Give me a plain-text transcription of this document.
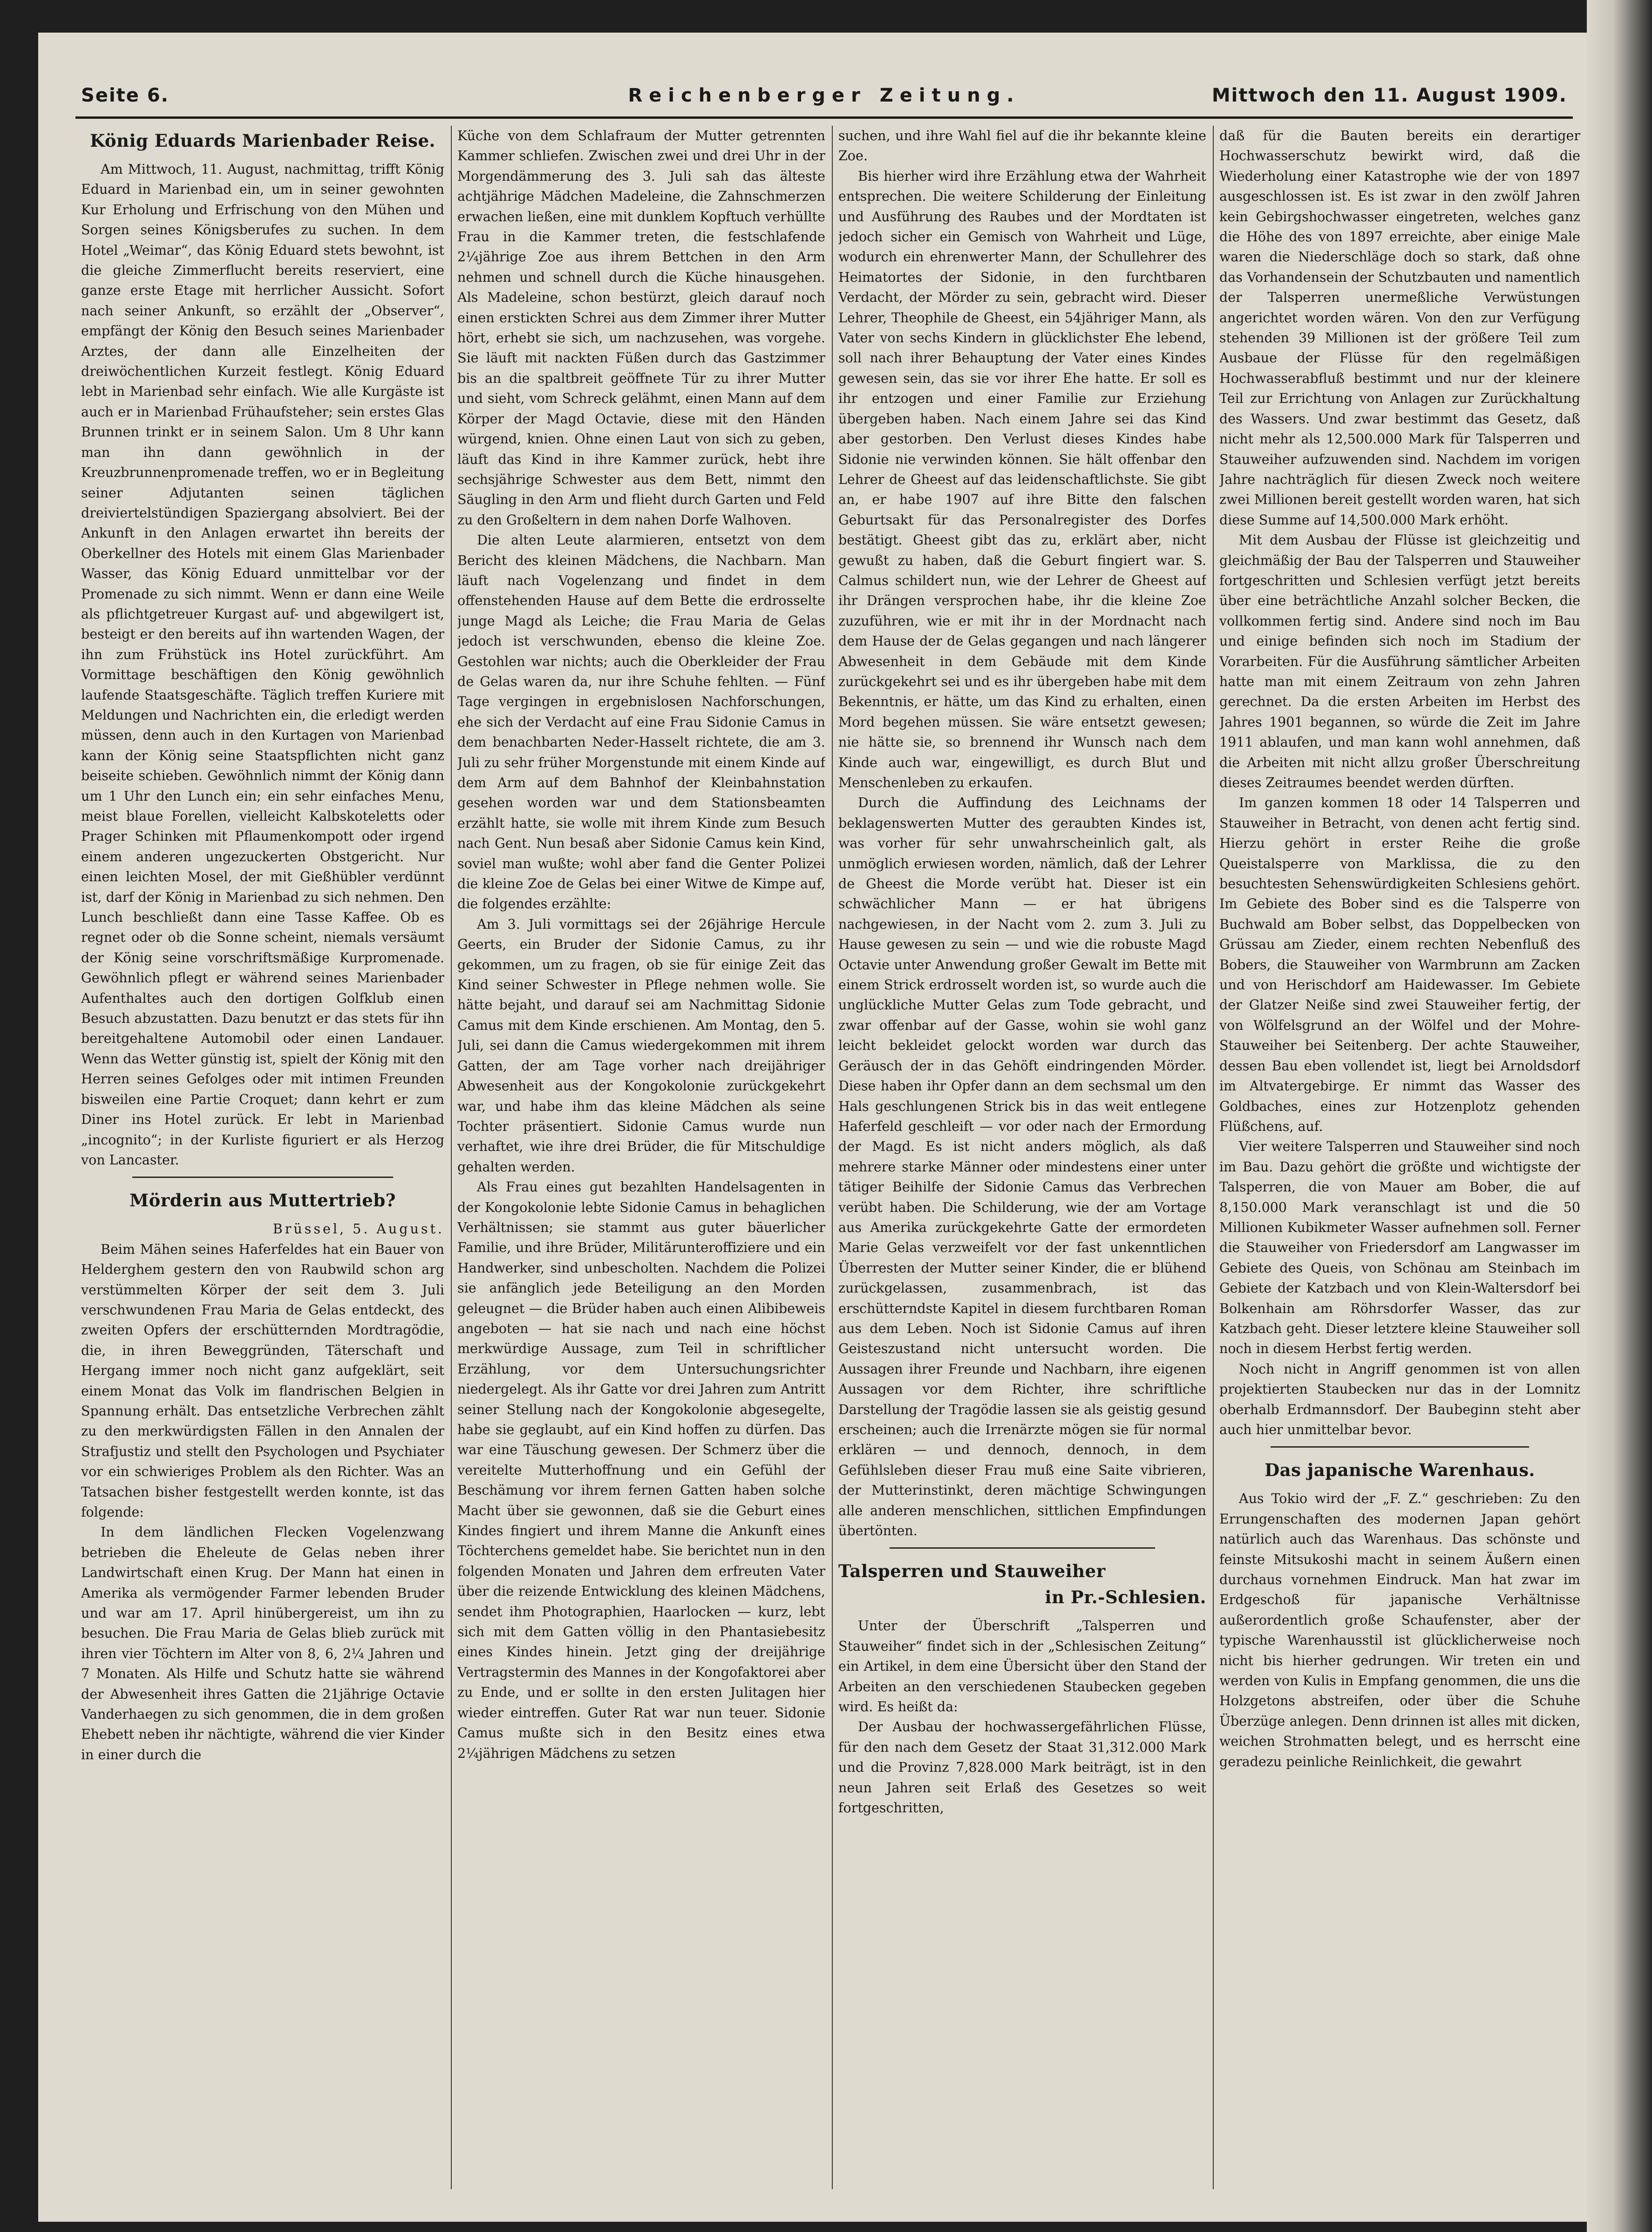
Seite 6.	Reichenberger Zeitung.	Mittwoch den 11. August 1909.
König Eduards Marienbader Reise.

Am Mittwoch, 11. August, nachmittag, trifft König Eduard in Marienbad ein, um in seiner gewohnten Kur Erholung und Erfrischung von den Mühen und Sorgen seines Königsberufes zu suchen. In dem Hotel „Weimar“, das König Eduard stets bewohnt, ist die gleiche Zimmerflucht bereits reserviert, eine ganze erste Etage mit herrlicher Aussicht. Sofort nach seiner Ankunft, so erzählt der „Observer“, empfängt der König den Besuch seines Marienbader Arztes, der dann alle Einzelheiten der dreiwöchentlichen Kurzeit festlegt. König Eduard lebt in Marienbad sehr einfach. Wie alle Kurgäste ist auch er in Marienbad Frühaufsteher; sein erstes Glas Brunnen trinkt er in seinem Salon. Um 8 Uhr kann man ihn dann gewöhnlich in der Kreuzbrunnenpromenade treffen, wo er in Begleitung seiner Adjutanten seinen täglichen dreiviertelstündigen Spaziergang absolviert. Bei der Ankunft in den Anlagen erwartet ihn bereits der Oberkellner des Hotels mit einem Glas Marienbader Wasser, das König Eduard unmittelbar vor der Promenade zu sich nimmt. Wenn er dann eine Weile als pflichtgetreuer Kurgast auf- und abgewilgert ist, besteigt er den bereits auf ihn wartenden Wagen, der ihn zum Frühstück ins Hotel zurückführt. Am Vormittage beschäftigen den König gewöhnlich laufende Staatsgeschäfte. Täglich treffen Kuriere mit Meldungen und Nachrichten ein, die erledigt werden müssen, denn auch in den Kurtagen von Marienbad kann der König seine Staatspflichten nicht ganz beiseite schieben. Gewöhnlich nimmt der König dann um 1 Uhr den Lunch ein; ein sehr einfaches Menu, meist blaue Forellen, vielleicht Kalbskoteletts oder Prager Schinken mit Pflaumenkompott oder irgend einem anderen ungezuckerten Obstgericht. Nur einen leichten Mosel, der mit Gießhübler verdünnt ist, darf der König in Marienbad zu sich nehmen. Den Lunch beschließt dann eine Tasse Kaffee. Ob es regnet oder ob die Sonne scheint, niemals versäumt der König seine vorschriftsmäßige Kurpromenade. Gewöhnlich pflegt er während seines Marienbader Aufenthaltes auch den dortigen Golfklub einen Besuch abzustatten. Dazu benutzt er das stets für ihn bereitgehaltene Automobil oder einen Landauer. Wenn das Wetter günstig ist, spielt der König mit den Herren seines Gefolges oder mit intimen Freunden bisweilen eine Partie Croquet; dann kehrt er zum Diner ins Hotel zurück. Er lebt in Marienbad „incognito“; in der Kurliste figuriert er als Herzog von Lancaster.

Mörderin aus Muttertrieb?

Brüssel, 5. August.

Beim Mähen seines Haferfeldes hat ein Bauer von Helderghem gestern den von Raubwild schon arg verstümmelten Körper der seit dem 3. Juli verschwundenen Frau Maria de Gelas entdeckt, des zweiten Opfers der erschütternden Mordtragödie, die, in ihren Beweggründen, Täterschaft und Hergang immer noch nicht ganz aufgeklärt, seit einem Monat das Volk im flandrischen Belgien in Spannung erhält. Das entsetzliche Verbrechen zählt zu den merkwürdigsten Fällen in den Annalen der Strafjustiz und stellt den Psychologen und Psychiater vor ein schwieriges Problem als den Richter. Was an Tatsachen bisher festgestellt werden konnte, ist das folgende:

In dem ländlichen Flecken Vogelenzwang betrieben die Eheleute de Gelas neben ihrer Landwirtschaft einen Krug. Der Mann hat einen in Amerika als vermögender Farmer lebenden Bruder und war am 17. April hinübergereist, um ihn zu besuchen. Die Frau Maria de Gelas blieb zurück mit ihren vier Töchtern im Alter von 8, 6, 2¼ Jahren und 7 Monaten. Als Hilfe und Schutz hatte sie während der Abwesenheit ihres Gatten die 21jährige Octavie Vanderhaegen zu sich genommen, die in dem großen Ehebett neben ihr nächtigte, während die vier Kinder in einer durch die

Küche von dem Schlafraum der Mutter getrennten Kammer schliefen. Zwischen zwei und drei Uhr in der Morgendämmerung des 3. Juli sah das älteste achtjährige Mädchen Madeleine, die Zahnschmerzen erwachen ließen, eine mit dunklem Kopftuch verhüllte Frau in die Kammer treten, die festschlafende 2¼jährige Zoe aus ihrem Bettchen in den Arm nehmen und schnell durch die Küche hinausgehen. Als Madeleine, schon bestürzt, gleich darauf noch einen erstickten Schrei aus dem Zimmer ihrer Mutter hört, erhebt sie sich, um nachzusehen, was vorgehe. Sie läuft mit nackten Füßen durch das Gastzimmer bis an die spaltbreit geöffnete Tür zu ihrer Mutter und sieht, vom Schreck gelähmt, einen Mann auf dem Körper der Magd Octavie, diese mit den Händen würgend, knien. Ohne einen Laut von sich zu geben, läuft das Kind in ihre Kammer zurück, hebt ihre sechsjährige Schwester aus dem Bett, nimmt den Säugling in den Arm und flieht durch Garten und Feld zu den Großeltern in dem nahen Dorfe Walhoven.

Die alten Leute alarmieren, entsetzt von dem Bericht des kleinen Mädchens, die Nachbarn. Man läuft nach Vogelenzang und findet in dem offenstehenden Hause auf dem Bette die erdrosselte junge Magd als Leiche; die Frau Maria de Gelas jedoch ist verschwunden, ebenso die kleine Zoe. Gestohlen war nichts; auch die Oberkleider der Frau de Gelas waren da, nur ihre Schuhe fehlten. — Fünf Tage vergingen in ergebnislosen Nachforschungen, ehe sich der Verdacht auf eine Frau Sidonie Camus in dem benachbarten Neder-Hasselt richtete, die am 3. Juli zu sehr früher Morgenstunde mit einem Kinde auf dem Arm auf dem Bahnhof der Kleinbahnstation gesehen worden war und dem Stationsbeamten erzählt hatte, sie wolle mit ihrem Kinde zum Besuch nach Gent. Nun besaß aber Sidonie Camus kein Kind, soviel man wußte; wohl aber fand die Genter Polizei die kleine Zoe de Gelas bei einer Witwe de Kimpe auf, die folgendes erzählte:

Am 3. Juli vormittags sei der 26jährige Hercule Geerts, ein Bruder der Sidonie Camus, zu ihr gekommen, um zu fragen, ob sie für einige Zeit das Kind seiner Schwester in Pflege nehmen wolle. Sie hätte bejaht, und darauf sei am Nachmittag Sidonie Camus mit dem Kinde erschienen. Am Montag, den 5. Juli, sei dann die Camus wiedergekommen mit ihrem Gatten, der am Tage vorher nach dreijähriger Abwesenheit aus der Kongokolonie zurückgekehrt war, und habe ihm das kleine Mädchen als seine Tochter präsentiert. Sidonie Camus wurde nun verhaftet, wie ihre drei Brüder, die für Mitschuldige gehalten werden.

Als Frau eines gut bezahlten Handelsagenten in der Kongokolonie lebte Sidonie Camus in behaglichen Verhältnissen; sie stammt aus guter bäuerlicher Familie, und ihre Brüder, Militärunteroffiziere und ein Handwerker, sind unbescholten. Nachdem die Polizei sie anfänglich jede Beteiligung an den Morden geleugnet — die Brüder haben auch einen Alibibeweis angeboten — hat sie nach und nach eine höchst merkwürdige Aussage, zum Teil in schriftlicher Erzählung, vor dem Untersuchungsrichter niedergelegt. Als ihr Gatte vor drei Jahren zum Antritt seiner Stellung nach der Kongokolonie abgesegelte, habe sie geglaubt, auf ein Kind hoffen zu dürfen. Das war eine Täuschung gewesen. Der Schmerz über die vereitelte Mutterhoffnung und ein Gefühl der Beschämung vor ihrem fernen Gatten haben solche Macht über sie gewonnen, daß sie die Geburt eines Kindes fingiert und ihrem Manne die Ankunft eines Töchterchens gemeldet habe. Sie berichtet nun in den folgenden Monaten und Jahren dem erfreuten Vater über die reizende Entwicklung des kleinen Mädchens, sendet ihm Photographien, Haarlocken — kurz, lebt sich mit dem Gatten völlig in den Phantasiebesitz eines Kindes hinein. Jetzt ging der dreijährige Vertragstermin des Mannes in der Kongofaktorei aber zu Ende, und er sollte in den ersten Julitagen hier wieder eintreffen. Guter Rat war nun teuer. Sidonie Camus mußte sich in den Besitz eines etwa 2¼jährigen Mädchens zu setzen

suchen, und ihre Wahl fiel auf die ihr bekannte kleine Zoe.

Bis hierher wird ihre Erzählung etwa der Wahrheit entsprechen. Die weitere Schilderung der Einleitung und Ausführung des Raubes und der Mordtaten ist jedoch sicher ein Gemisch von Wahrheit und Lüge, wodurch ein ehrenwerter Mann, der Schullehrer des Heimatortes der Sidonie, in den furchtbaren Verdacht, der Mörder zu sein, gebracht wird. Dieser Lehrer, Theophile de Gheest, ein 54jähriger Mann, als Vater von sechs Kindern in glücklichster Ehe lebend, soll nach ihrer Behauptung der Vater eines Kindes gewesen sein, das sie vor ihrer Ehe hatte. Er soll es ihr entzogen und einer Familie zur Erziehung übergeben haben. Nach einem Jahre sei das Kind aber gestorben. Den Verlust dieses Kindes habe Sidonie nie verwinden können. Sie hält offenbar den Lehrer de Gheest auf das leidenschaftlichste. Sie gibt an, er habe 1907 auf ihre Bitte den falschen Geburtsakt für das Personalregister des Dorfes bestätigt. Gheest gibt das zu, erklärt aber, nicht gewußt zu haben, daß die Geburt fingiert war. S. Calmus schildert nun, wie der Lehrer de Gheest auf ihr Drängen versprochen habe, ihr die kleine Zoe zuzuführen, wie er mit ihr in der Mordnacht nach dem Hause der de Gelas gegangen und nach längerer Abwesenheit in dem Gebäude mit dem Kinde zurückgekehrt sei und es ihr übergeben habe mit dem Bekenntnis, er hätte, um das Kind zu erhalten, einen Mord begehen müssen. Sie wäre entsetzt gewesen; nie hätte sie, so brennend ihr Wunsch nach dem Kinde auch war, eingewilligt, es durch Blut und Menschenleben zu erkaufen.

Durch die Auffindung des Leichnams der beklagenswerten Mutter des geraubten Kindes ist, was vorher für sehr unwahrscheinlich galt, als unmöglich erwiesen worden, nämlich, daß der Lehrer de Gheest die Morde verübt hat. Dieser ist ein schwächlicher Mann — er hat übrigens nachgewiesen, in der Nacht vom 2. zum 3. Juli zu Hause gewesen zu sein — und wie die robuste Magd Octavie unter Anwendung großer Gewalt im Bette mit einem Strick erdrosselt worden ist, so wurde auch die unglückliche Mutter Gelas zum Tode gebracht, und zwar offenbar auf der Gasse, wohin sie wohl ganz leicht bekleidet gelockt worden war durch das Geräusch der in das Gehöft eindringenden Mörder. Diese haben ihr Opfer dann an dem sechsmal um den Hals geschlungenen Strick bis in das weit entlegene Haferfeld geschleift — vor oder nach der Ermordung der Magd. Es ist nicht anders möglich, als daß mehrere starke Männer oder mindestens einer unter tätiger Beihilfe der Sidonie Camus das Verbrechen verübt haben. Die Schilderung, wie der am Vortage aus Amerika zurückgekehrte Gatte der ermordeten Marie Gelas verzweifelt vor der fast unkenntlichen Überresten der Mutter seiner Kinder, die er blühend zurückgelassen, zusammenbrach, ist das erschütterndste Kapitel in diesem furchtbaren Roman aus dem Leben. Noch ist Sidonie Camus auf ihren Geisteszustand nicht untersucht worden. Die Aussagen ihrer Freunde und Nachbarn, ihre eigenen Aussagen vor dem Richter, ihre schriftliche Darstellung der Tragödie lassen sie als geistig gesund erscheinen; auch die Irrenärzte mögen sie für normal erklären — und dennoch, dennoch, in dem Gefühlsleben dieser Frau muß eine Saite vibrieren, der Mutterinstinkt, deren mächtige Schwingungen alle anderen menschlichen, sittlichen Empfindungen übertönten.

Talsperren und Stauweiher
in Pr.-Schlesien.

Unter der Überschrift „Talsperren und Stauweiher“ findet sich in der „Schlesischen Zeitung“ ein Artikel, in dem eine Übersicht über den Stand der Arbeiten an den verschiedenen Staubecken gegeben wird. Es heißt da:

Der Ausbau der hochwassergefährlichen Flüsse, für den nach dem Gesetz der Staat 31,312.000 Mark und die Provinz 7,828.000 Mark beiträgt, ist in den neun Jahren seit Erlaß des Gesetzes so weit fortgeschritten,

daß für die Bauten bereits ein derartiger Hochwasserschutz bewirkt wird, daß die Wiederholung einer Katastrophe wie der von 1897 ausgeschlossen ist. Es ist zwar in den zwölf Jahren kein Gebirgshochwasser eingetreten, welches ganz die Höhe des von 1897 erreichte, aber einige Male waren die Niederschläge doch so stark, daß ohne das Vorhandensein der Schutzbauten und namentlich der Talsperren unermeßliche Verwüstungen angerichtet worden wären. Von den zur Verfügung stehenden 39 Millionen ist der größere Teil zum Ausbaue der Flüsse für den regelmäßigen Hochwasserabfluß bestimmt und nur der kleinere Teil zur Errichtung von Anlagen zur Zurückhaltung des Wassers. Und zwar bestimmt das Gesetz, daß nicht mehr als 12,500.000 Mark für Talsperren und Stauweiher aufzuwenden sind. Nachdem im vorigen Jahre nachträglich für diesen Zweck noch weitere zwei Millionen bereit gestellt worden waren, hat sich diese Summe auf 14,500.000 Mark erhöht.

Mit dem Ausbau der Flüsse ist gleichzeitig und gleichmäßig der Bau der Talsperren und Stauweiher fortgeschritten und Schlesien verfügt jetzt bereits über eine beträchtliche Anzahl solcher Becken, die vollkommen fertig sind. Andere sind noch im Bau und einige befinden sich noch im Stadium der Vorarbeiten. Für die Ausführung sämtlicher Arbeiten hatte man mit einem Zeitraum von zehn Jahren gerechnet. Da die ersten Arbeiten im Herbst des Jahres 1901 begannen, so würde die Zeit im Jahre 1911 ablaufen, und man kann wohl annehmen, daß die Arbeiten mit nicht allzu großer Überschreitung dieses Zeitraumes beendet werden dürften.

Im ganzen kommen 18 oder 14 Talsperren und Stauweiher in Betracht, von denen acht fertig sind. Hierzu gehört in erster Reihe die große Queistalsperre von Marklissa, die zu den besuchtesten Sehenswürdigkeiten Schlesiens gehört. Im Gebiete des Bober sind es die Talsperre von Buchwald am Bober selbst, das Doppelbecken von Grüssau am Zieder, einem rechten Nebenfluß des Bobers, die Stauweiher von Warmbrunn am Zacken und von Herischdorf am Haidewasser. Im Gebiete der Glatzer Neiße sind zwei Stauweiher fertig, der von Wölfelsgrund an der Wölfel und der Mohre-Stauweiher bei Seitenberg. Der achte Stauweiher, dessen Bau eben vollendet ist, liegt bei Arnoldsdorf im Altvatergebirge. Er nimmt das Wasser des Goldbaches, eines zur Hotzenplotz gehenden Flüßchens, auf.

Vier weitere Talsperren und Stauweiher sind noch im Bau. Dazu gehört die größte und wichtigste der Talsperren, die von Mauer am Bober, die auf 8,150.000 Mark veranschlagt ist und die 50 Millionen Kubikmeter Wasser aufnehmen soll. Ferner die Stauweiher von Friedersdorf am Langwasser im Gebiete des Queis, von Schönau am Steinbach im Gebiete der Katzbach und von Klein-Waltersdorf bei Bolkenhain am Röhrsdorfer Wasser, das zur Katzbach geht. Dieser letztere kleine Stauweiher soll noch in diesem Herbst fertig werden.

Noch nicht in Angriff genommen ist von allen projektierten Staubecken nur das in der Lomnitz oberhalb Erdmannsdorf. Der Baubeginn steht aber auch hier unmittelbar bevor.

Das japanische Warenhaus.

Aus Tokio wird der „F. Z.“ geschrieben: Zu den Errungenschaften des modernen Japan gehört natürlich auch das Warenhaus. Das schönste und feinste Mitsukoshi macht in seinem Äußern einen durchaus vornehmen Eindruck. Man hat zwar im Erdgeschoß für japanische Verhältnisse außerordentlich große Schaufenster, aber der typische Warenhausstil ist glücklicherweise noch nicht bis hierher gedrungen. Wir treten ein und werden von Kulis in Empfang genommen, die uns die Holzgetons abstreifen, oder über die Schuhe Überzüge anlegen. Denn drinnen ist alles mit dicken, weichen Strohmatten belegt, und es herrscht eine geradezu peinliche Reinlichkeit, die gewahrt
